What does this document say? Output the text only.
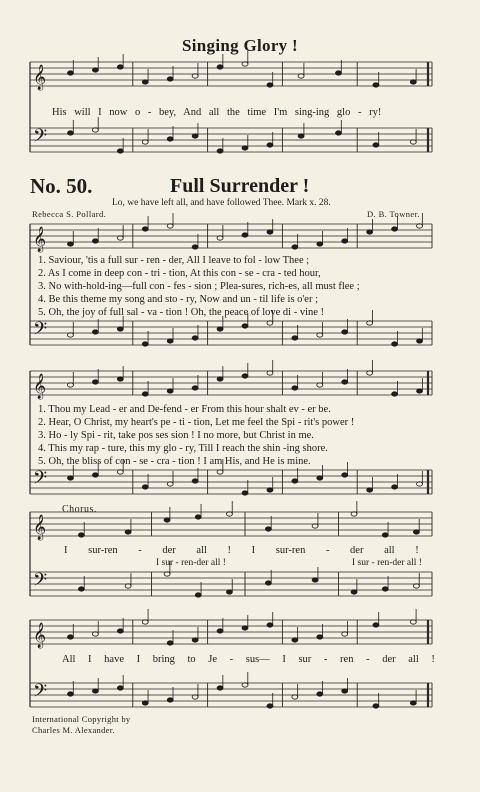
Singing Glory !
His will I now o - bey, And all the time I'm sing-ing glo - ry!
No. 50.	Full Surrender !
Lo, we have left all, and have followed Thee. Mark x. 28.
Rebecca S. Pollard.	D. B. Towner.
1. Saviour, 'tis a full sur - ren - der, All I leave to fol - low Thee ;
2. As I come in deep con - tri - tion, At this con - se - cra - ted hour,
3. No with-hold-ing—full con - fes - sion ; Plea-sures, rich-es, all must flee ;
4. Be this theme my song and sto - ry, Now and un - til life is o'er ;
5. Oh, the joy of full sal - va - tion ! Oh, the peace of love di - vine !
1. Thou my Lead - er and De-fend - er From this hour shalt ev - er be.
2. Hear, O Christ, my heart's pe - ti - tion, Let me feel the Spi - rit's power !
3. Ho - ly Spi - rit, take pos ses sion ! I no more, but Christ in me.
4. This my rap - ture, this my glo - ry, Till I reach the shin -ing shore.
5. Oh, the bliss of con - se - cra - tion ! I am His, and He is mine.
Chorus.
I sur-ren - der all ! I sur-ren - der all !
I sur - ren-der all !	I sur - ren-der all !
All I have I bring to Je - sus— I sur - ren - der all !
International Copyright by
Charles M. Alexander.
𝄞
𝄢
𝄞
𝄢
𝄞
𝄢
𝄞
𝄢
𝄞
𝄢
